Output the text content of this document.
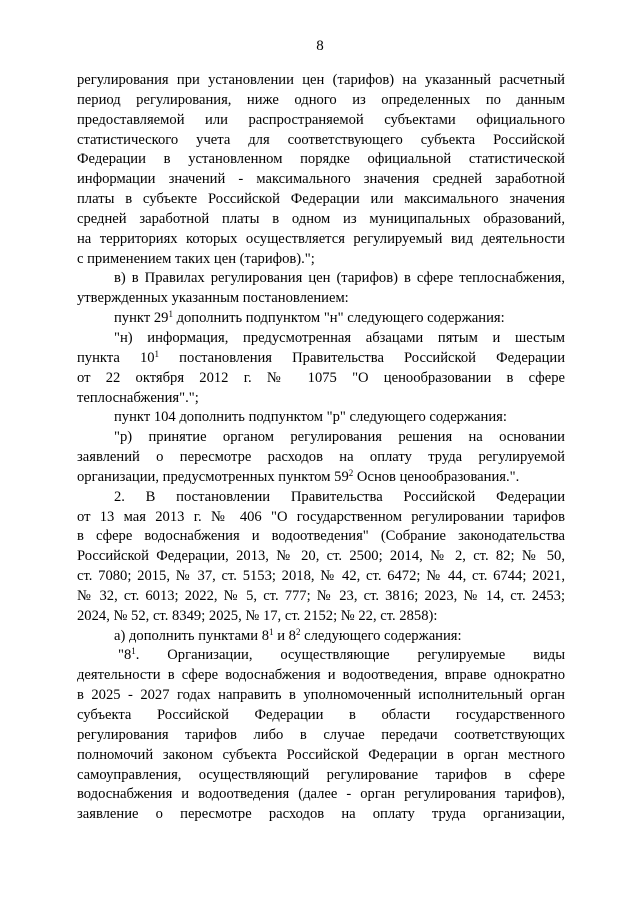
8
регулирования при установлении цен (тарифов) на указанный расчетный
период регулирования, ниже одного из определенных по данным
предоставляемой или распространяемой субъектами официального
статистического учета для соответствующего субъекта Российской
Федерации в установленном порядке официальной статистической
информации значений - максимального значения средней заработной
платы в субъекте Российской Федерации или максимального значения
средней заработной платы в одном из муниципальных образований,
на территориях которых осуществляется регулируемый вид деятельности
с применением таких цен (тарифов).";
в) в Правилах регулирования цен (тарифов) в сфере теплоснабжения,
утвержденных указанным постановлением:
пункт $29^1$ дополнить подпунктом "н" следующего содержания:
"н) информация, предусмотренная абзацами пятым и шестым
пункта $10^1$ постановления Правительства Российской Федерации
от 22 октября 2012 г. № 1075 "О ценообразовании в сфере
теплоснабжения".";
пункт 104 дополнить подпунктом "р" следующего содержания:
"р) принятие органом регулирования решения на основании
заявлений о пересмотре расходов на оплату труда регулируемой
организации, предусмотренных пунктом $59^2$ Основ ценообразования.".
2. В постановлении Правительства Российской Федерации
от 13 мая 2013 г. № 406 "О государственном регулировании тарифов
в сфере водоснабжения и водоотведения" (Собрание законодательства
Российской Федерации, 2013, № 20, ст. 2500; 2014, № 2, ст. 82; № 50,
ст. 7080; 2015, № 37, ст. 5153; 2018, № 42, ст. 6472; № 44, ст. 6744; 2021,
№ 32, ст. 6013; 2022, № 5, ст. 777; № 23, ст. 3816; 2023, № 14, ст. 2453;
2024, № 52, ст. 8349; 2025, № 17, ст. 2152; № 22, ст. 2858):
а) дополнить пунктами $8^1$ и $8^2$ следующего содержания:
"$8^1$. Организации, осуществляющие регулируемые виды
деятельности в сфере водоснабжения и водоотведения, вправе однократно
в 2025 - 2027 годах направить в уполномоченный исполнительный орган
субъекта Российской Федерации в области государственного
регулирования тарифов либо в случае передачи соответствующих
полномочий законом субъекта Российской Федерации в орган местного
самоуправления, осуществляющий регулирование тарифов в сфере
водоснабжения и водоотведения (далее - орган регулирования тарифов),
заявление о пересмотре расходов на оплату труда организации,
